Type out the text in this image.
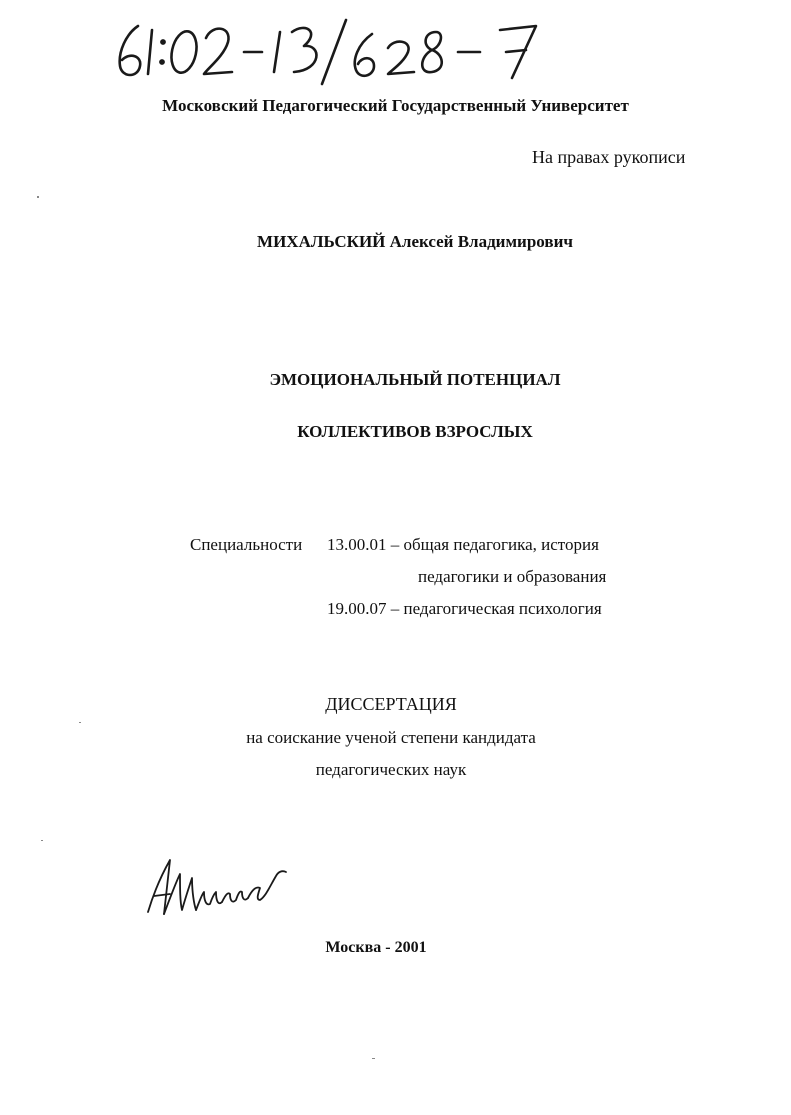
Московский Педагогический Государственный Университет
На правах рукописи
МИХАЛЬСКИЙ Алексей Владимирович
ЭМОЦИОНАЛЬНЫЙ ПОТЕНЦИАЛ
КОЛЛЕКТИВОВ ВЗРОСЛЫХ
Специальности 13.00.01 – общая педагогика, история
педагогики и образования
19.00.07 – педагогическая психология
ДИССЕРТАЦИЯ
на соискание ученой степени кандидата
педагогических наук
Москва - 2001
